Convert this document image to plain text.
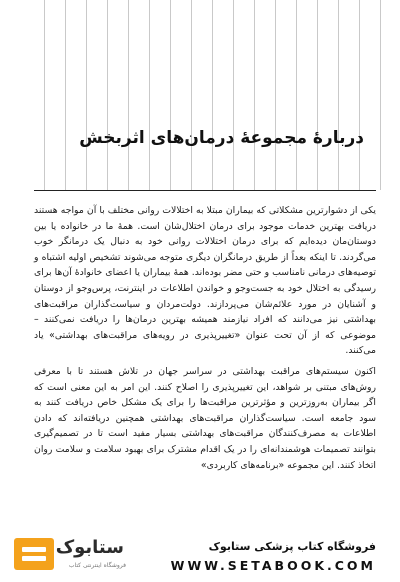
دربارهٔ مجموعهٔ درمان‌های اثربخش

یکی از دشوارترین مشکلاتی که بیماران مبتلا به اختلالات روانی مختلف با آن مواجه هستند دریافت بهترین خدمات موجود برای درمان اختلال‌شان است. همهٔ ما در خانواده یا بین دوستان‌مان دیده‌ایم که برای درمان اختلالات روانی خود به دنبال یک درمانگر خوب می‌گردند. تا اینکه بعداً از طریق درمانگران دیگری متوجه می‌شوند تشخیص اولیه اشتباه و توصیه‌های درمانی نامناسب و حتی مضر بوده‌اند. همهٔ بیماران یا اعضای خانوادهٔ آن‌ها برای رسیدگی به اختلال خود به جست‌وجو و خواندن اطلاعات در اینترنت، پرس‌وجو از دوستان و آشنایان در مورد علائم‌شان می‌پردازند. دولت‌مردان و سیاست‌گذاران مراقبت‌های بهداشتی نیز می‌دانند که افراد نیازمند همیشه بهترین درمان‌ها را دریافت نمی‌کنند – موضوعی که از آن تحت عنوان «تغییرپذیری در رویه‌های مراقبت‌های بهداشتی» یاد می‌کنند.

اکنون سیستم‌های مراقبت بهداشتی در سراسر جهان در تلاش هستند تا با معرفی روش‌های مبتنی بر شواهد، این تغییرپذیری را اصلاح کنند. این امر به این معنی است که اگر بیماران به‌روزترین و مؤثرترین مراقبت‌ها را برای یک مشکل خاص دریافت کنند به سود جامعه است. سیاست‌گذاران مراقبت‌های بهداشتی همچنین دریافته‌اند که دادن اطلاعات به مصرف‌کنندگان مراقبت‌های بهداشتی بسیار مفید است تا در تصمیم‌گیری بتوانند تصمیمات هوشمندانه‌ای را در یک اقدام مشترک برای بهبود سلامت و سلامت روان اتخاذ کنند. این مجموعه «برنامه‌های کاربردی»

ستابوک
فروشگاه اینترنتی کتاب
فروشگاه کتاب پزشکی ستابوک
WWW.SETABOOK.COM
